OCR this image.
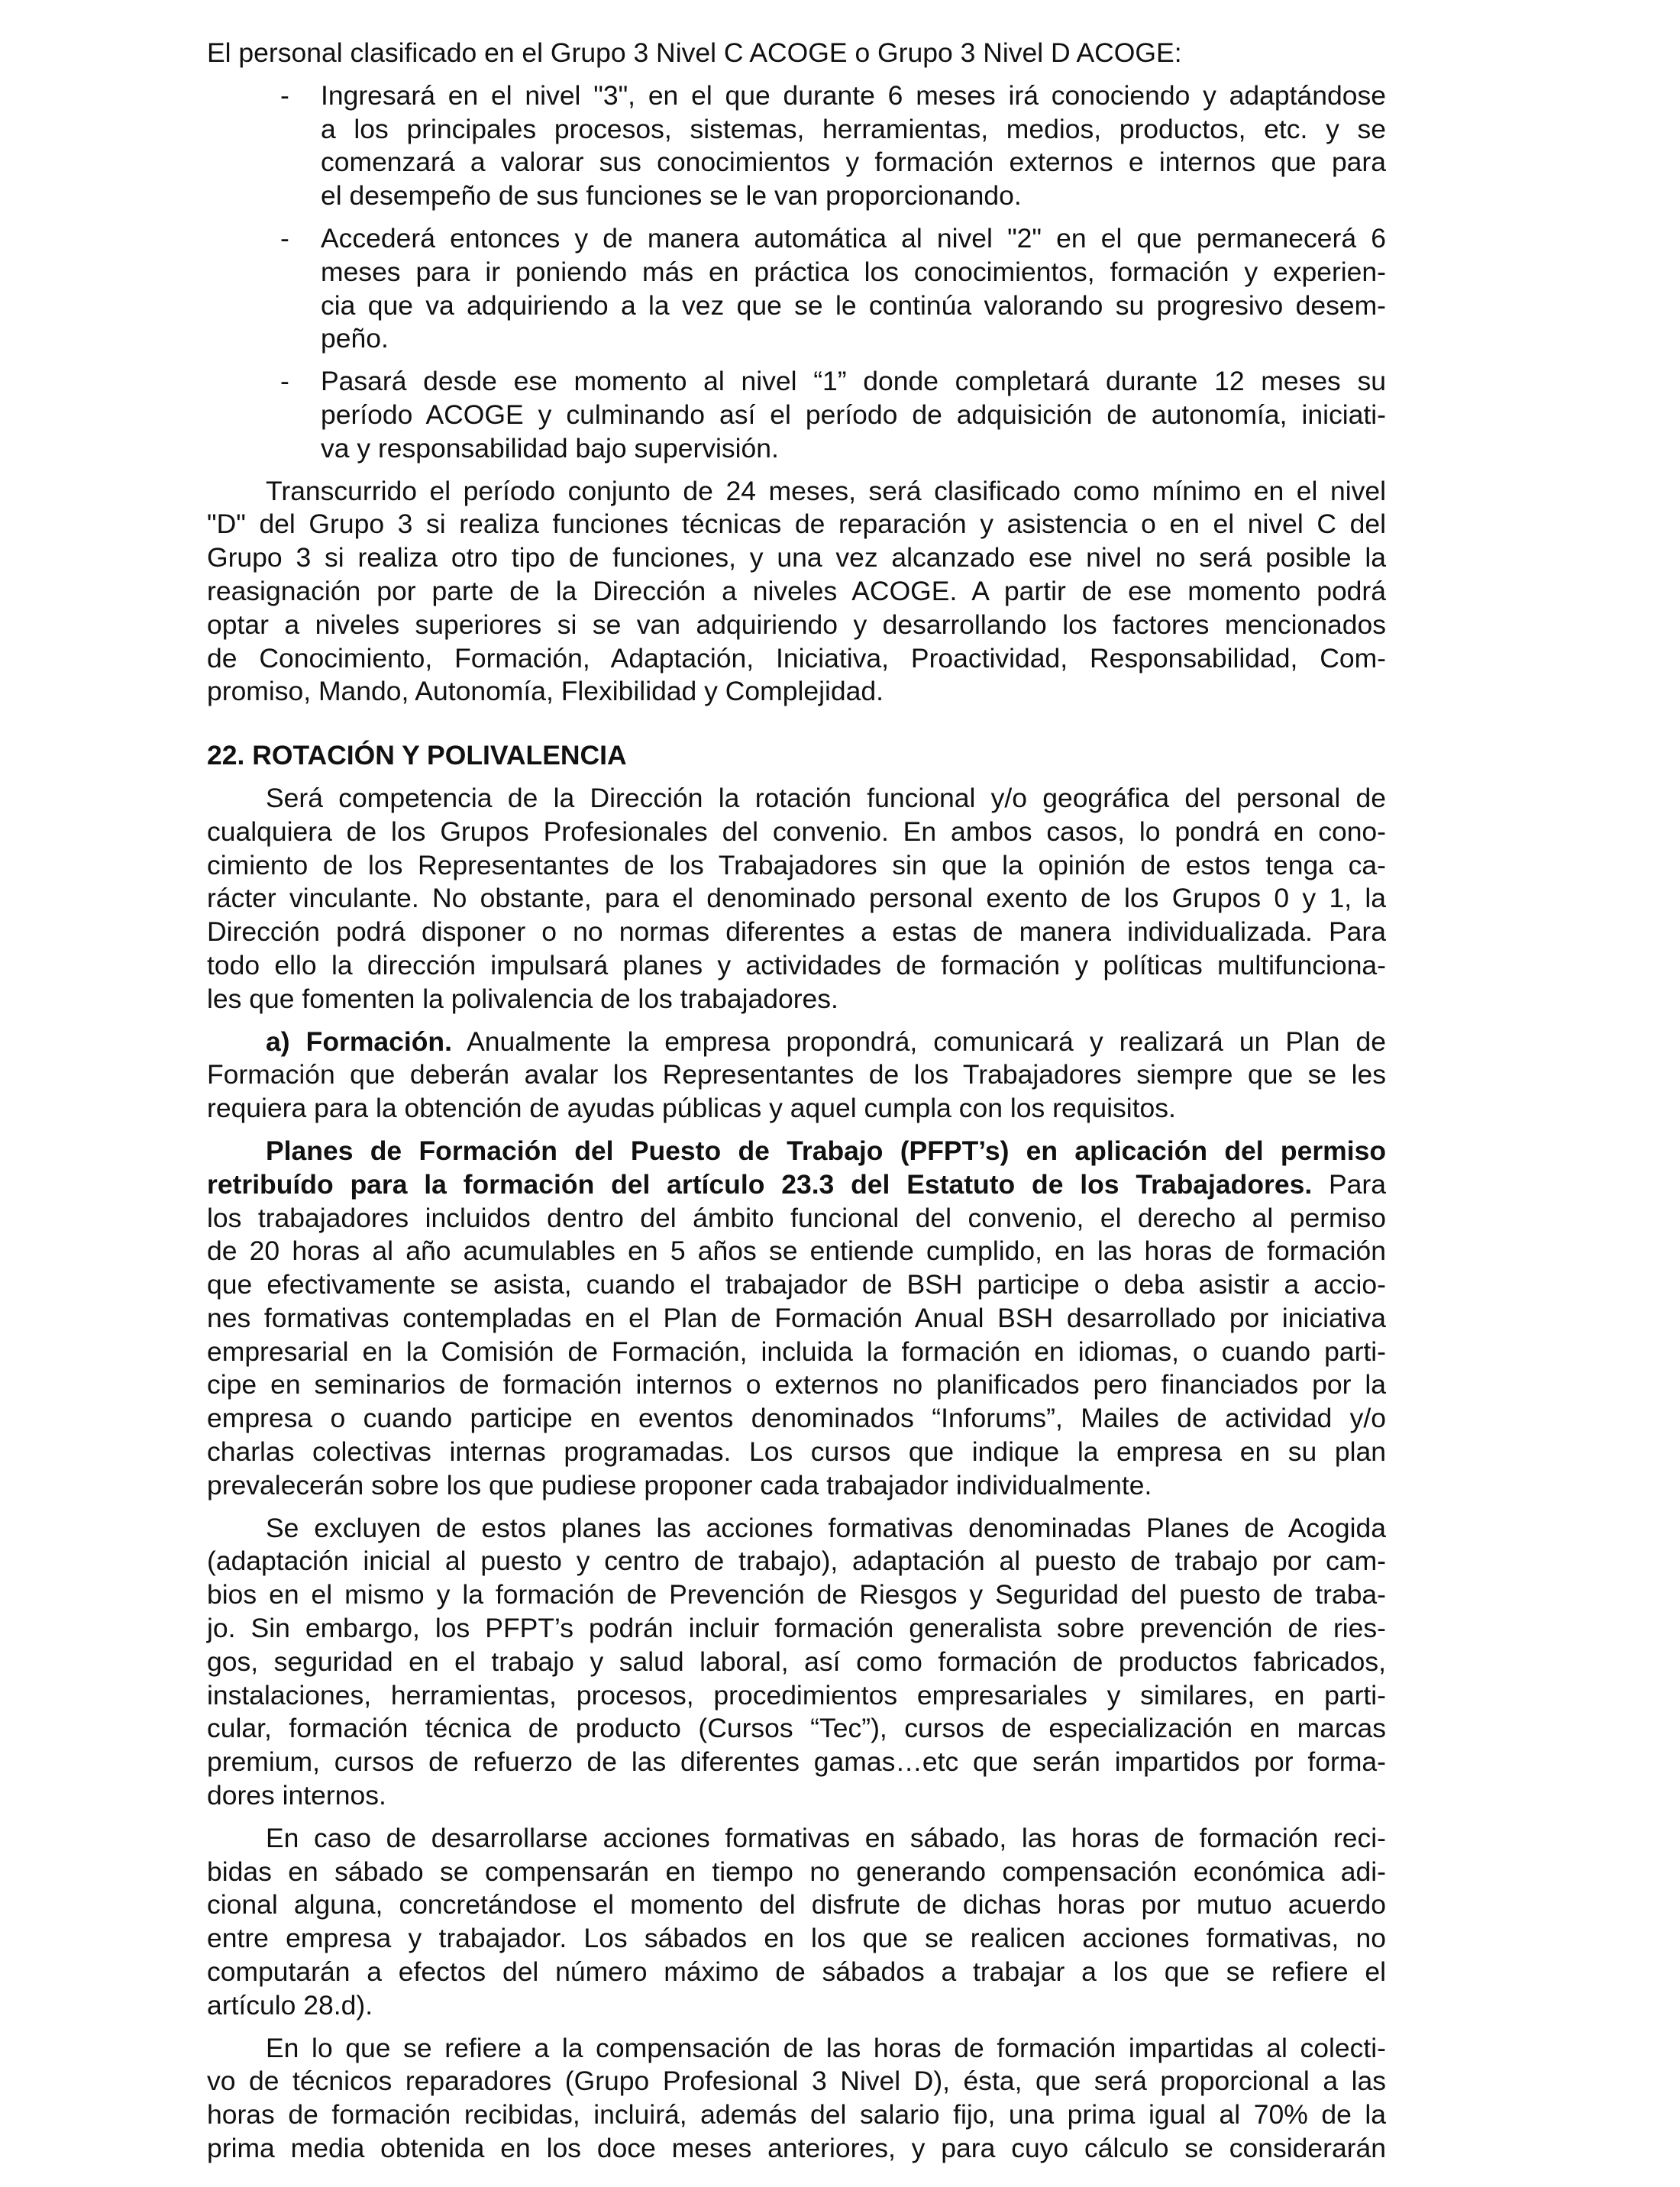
El personal clasificado en el Grupo 3 Nivel C ACOGE o Grupo 3 Nivel D ACOGE:
- Ingresará en el nivel "3", en el que durante 6 meses irá conociendo y adaptándose
a los principales procesos, sistemas, herramientas, medios, productos, etc. y se
comenzará a valorar sus conocimientos y formación externos e internos que para
el desempeño de sus funciones se le van proporcionando.
- Accederá entonces y de manera automática al nivel "2" en el que permanecerá 6
meses para ir poniendo más en práctica los conocimientos, formación y experien-
cia que va adquiriendo a la vez que se le continúa valorando su progresivo desem-
peño.
- Pasará desde ese momento al nivel “1” donde completará durante 12 meses su
período ACOGE y culminando así el período de adquisición de autonomía, iniciati-
va y responsabilidad bajo supervisión.
Transcurrido el período conjunto de 24 meses, será clasificado como mínimo en el nivel
"D" del Grupo 3 si realiza funciones técnicas de reparación y asistencia o en el nivel C del
Grupo 3 si realiza otro tipo de funciones, y una vez alcanzado ese nivel no será posible la
reasignación por parte de la Dirección a niveles ACOGE. A partir de ese momento podrá
optar a niveles superiores si se van adquiriendo y desarrollando los factores mencionados
de Conocimiento, Formación, Adaptación, Iniciativa, Proactividad, Responsabilidad, Com-
promiso, Mando, Autonomía, Flexibilidad y Complejidad.
22. ROTACIÓN Y POLIVALENCIA
Será competencia de la Dirección la rotación funcional y/o geográfica del personal de
cualquiera de los Grupos Profesionales del convenio. En ambos casos, lo pondrá en cono-
cimiento de los Representantes de los Trabajadores sin que la opinión de estos tenga ca-
rácter vinculante. No obstante, para el denominado personal exento de los Grupos 0 y 1, la
Dirección podrá disponer o no normas diferentes a estas de manera individualizada. Para
todo ello la dirección impulsará planes y actividades de formación y políticas multifunciona-
les que fomenten la polivalencia de los trabajadores.
a) Formación. Anualmente la empresa propondrá, comunicará y realizará un Plan de
Formación que deberán avalar los Representantes de los Trabajadores siempre que se les
requiera para la obtención de ayudas públicas y aquel cumpla con los requisitos.
Planes de Formación del Puesto de Trabajo (PFPT’s) en aplicación del permiso
retribuído para la formación del artículo 23.3 del Estatuto de los Trabajadores. Para
los trabajadores incluidos dentro del ámbito funcional del convenio, el derecho al permiso
de 20 horas al año acumulables en 5 años se entiende cumplido, en las horas de formación
que efectivamente se asista, cuando el trabajador de BSH participe o deba asistir a accio-
nes formativas contempladas en el Plan de Formación Anual BSH desarrollado por iniciativa
empresarial en la Comisión de Formación, incluida la formación en idiomas, o cuando parti-
cipe en seminarios de formación internos o externos no planificados pero financiados por la
empresa o cuando participe en eventos denominados “Inforums”, Mailes de actividad y/o
charlas colectivas internas programadas. Los cursos que indique la empresa en su plan
prevalecerán sobre los que pudiese proponer cada trabajador individualmente.
Se excluyen de estos planes las acciones formativas denominadas Planes de Acogida
(adaptación inicial al puesto y centro de trabajo), adaptación al puesto de trabajo por cam-
bios en el mismo y la formación de Prevención de Riesgos y Seguridad del puesto de traba-
jo. Sin embargo, los PFPT’s podrán incluir formación generalista sobre prevención de ries-
gos, seguridad en el trabajo y salud laboral, así como formación de productos fabricados,
instalaciones, herramientas, procesos, procedimientos empresariales y similares, en parti-
cular, formación técnica de producto (Cursos “Tec”), cursos de especialización en marcas
premium, cursos de refuerzo de las diferentes gamas…etc que serán impartidos por forma-
dores internos.
En caso de desarrollarse acciones formativas en sábado, las horas de formación reci-
bidas en sábado se compensarán en tiempo no generando compensación económica adi-
cional alguna, concretándose el momento del disfrute de dichas horas por mutuo acuerdo
entre empresa y trabajador. Los sábados en los que se realicen acciones formativas, no
computarán a efectos del número máximo de sábados a trabajar a los que se refiere el
artículo 28.d).
En lo que se refiere a la compensación de las horas de formación impartidas al colecti-
vo de técnicos reparadores (Grupo Profesional 3 Nivel D), ésta, que será proporcional a las
horas de formación recibidas, incluirá, además del salario fijo, una prima igual al 70% de la
prima media obtenida en los doce meses anteriores, y para cuyo cálculo se considerarán
